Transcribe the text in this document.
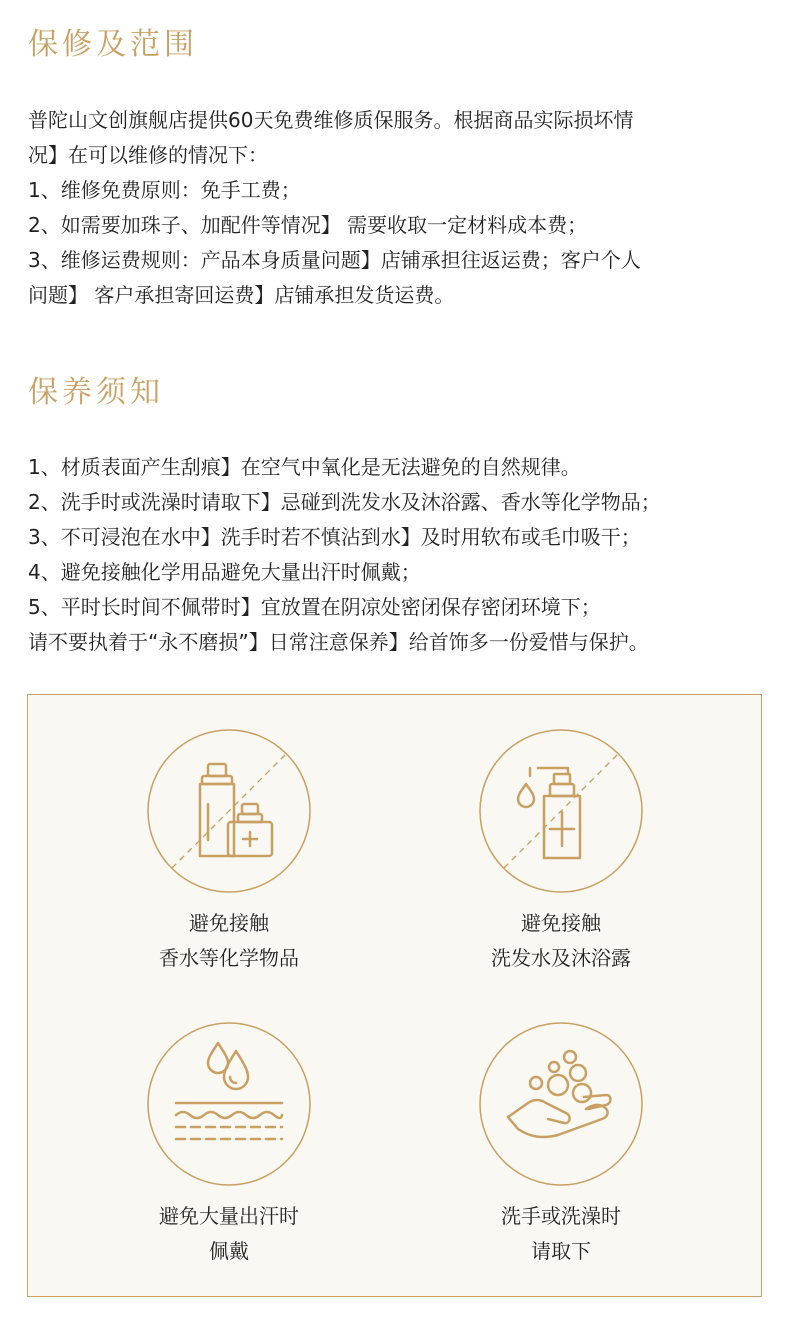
保修及范围
普陀山文创旗舰店提供60天免费维修质保服务。根据商品实际损坏情
况】在可以维修的情况下：
1、维修免费原则：免手工费；
2、如需要加珠子、加配件等情况】 需要收取一定材料成本费；
3、维修运费规则：产品本身质量问题】店铺承担往返运费；客户个人
问题】 客户承担寄回运费】店铺承担发货运费。
保养须知
1、材质表面产生刮痕】在空气中氧化是无法避免的自然规律。
2、洗手时或洗澡时请取下】忌碰到洗发水及沐浴露、香水等化学物品；
3、不可浸泡在水中】洗手时若不慎沾到水】及时用软布或毛巾吸干；
4、避免接触化学用品避免大量出汗时佩戴；
5、平时长时间不佩带时】宜放置在阴凉处密闭保存密闭环境下；
请不要执着于“永不磨损”】日常注意保养】给首饰多一份爱惜与保护。
避免接触
香水等化学物品
避免接触
洗发水及沐浴露
避免大量出汗时
佩戴
洗手或洗澡时
请取下
